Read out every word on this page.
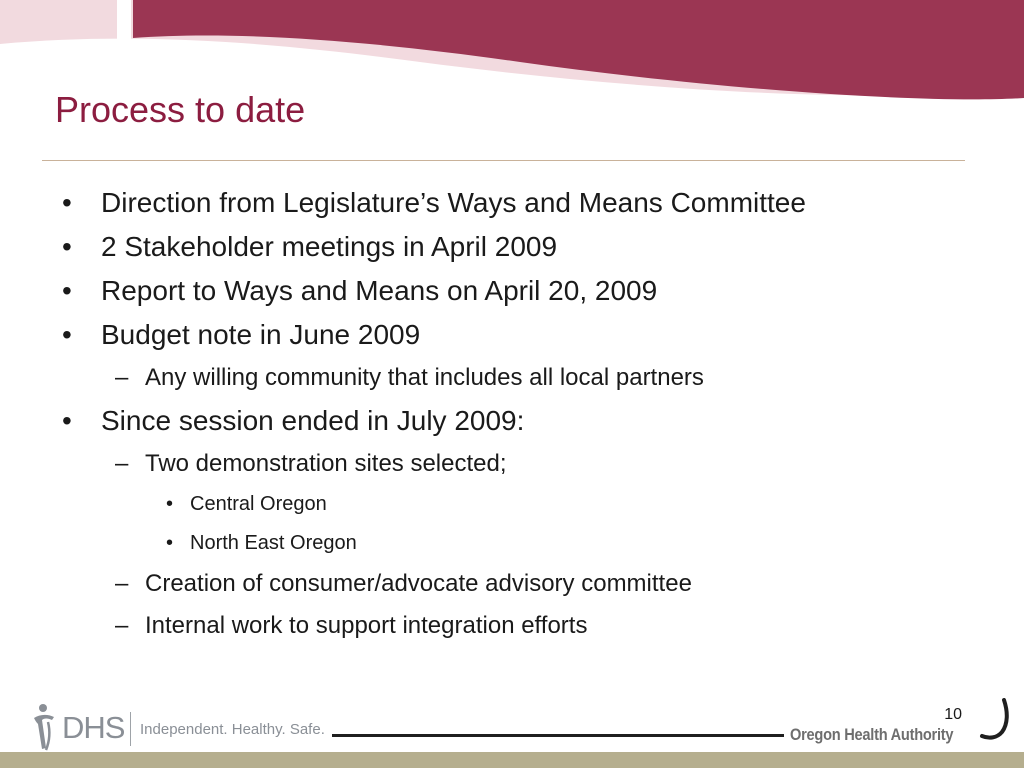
Process to date
• Direction from Legislature’s Ways and Means Committee
• 2 Stakeholder meetings in April 2009
• Report to Ways and Means on April 20, 2009
• Budget note in June 2009
– Any willing community that includes all local partners
• Since session ended in July 2009:
– Two demonstration sites selected;
• Central Oregon
• North East Oregon
– Creation of consumer/advocate advisory committee
– Internal work to support integration efforts
DHS Independent. Healthy. Safe.
10
Oregon Health Authority
